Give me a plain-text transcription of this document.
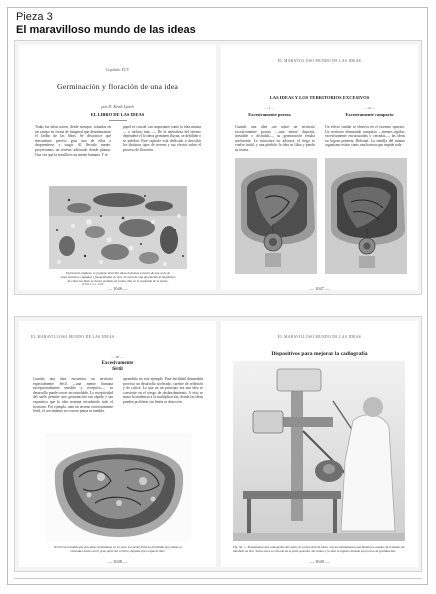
Pieza 3
El maravilloso mundo de las ideas
Capítulo XCV
Germinación y floración de una idea
por D. Keith Lynch
EL LIBRO DE LAS IDEAS
Todas las ideas nacen, desde siempre, tomadas en un campo en forma de imaginal que denominamos el Jardín de las Ideas. Se desconoce qué mecanismo preciso guía una de ellas a desprenderse y surgir. Al llevarlo mente, proyectamos un terreno adecuado donde plantar. Una vez que la semilla es un mente humana. Y se
papel es crucial: tan importante como la idea misma — o incluso más —. De la naturaleza del terreno dependerá el lo ideas germinen fluyan, se debiliten o se pierdan. Este capítulo está dedicado a describir los distintos tipos de terreno y sus efectos sobre el proceso de floración.
El presente capítulo, se propone describir ideas humanas a través de una serie de observaciones, captadas y fotografiadas en vivo. Se trata de una aportación al lingüístico de cómo las ideas se hacen posibles de forma vital en el trasfondo de la mente.
SEMILLA A. 1968
— 1046 —
EL MARAVILLOSO MUNDO DE LAS IDEAS
LAS IDEAS Y LOS TERRITORIOS EXCESIVOS
— I —
Excesivamente poroso
— II —
Excesivamente compacto
Cuando una idea cae sobre un territorio excesivamente poroso —una mente dispersa, inestable o distraída—, su germinación resulta ineficiente. La estructura no aflorará, el riego se vuelve inútil, y una pérdida: la idea se filtra y pierde su forma.
Un efecto similar se observa en el extremo opuesto. Un territorio demasiado compacto —mentes rígidas, excesivamente estructuradas o cerradas—, las ideas no logran penetrar. Rebotan. La semilla del mismo organismo existe como una barrera que impide toda
— 1047 —
EL MARAVILLOSO MUNDO DE LAS IDEAS
— III —
Excesivamente fértil
Cuando una idea encuentra un territorio especialmente fértil —una mente humana excepcionalmente sensible y receptiva—, su desarrollo puede crecer incontrolable. La receptividad del suelo permite una germinación tan rápida y tan expansiva que la idea termina invadiendo todo el territorio. Por ejemplo, ante un terreno excesivamente fértil, el crecimiento no conoce pausa ni medida.
aprendido en este ejemplo. Esta fertilidad desmedida provoca un desarrollo acelerado, carente de reflexión y de crítica. Lo que en un principio era una idea se convierte en el riesgo de desbordamiento. A esto se suma la tendencia a la multiplicación, donde las ideas pueden proliferar sin límite ni dirección.
Territorio invadido por dos ideas simultáneas en su seno. La mente fértil ha permitido que ambas se extiendan hasta cubrir gran parte del cerebro, dejando poco espacio libre.
— 1048 —
EL MARAVILLOSO MUNDO DE LAS IDEAS
Dispositivos para mejorar la cadiografía
Fig. 56. — Presentamos una cadiografía del centro de proyección de ideas, con los instrumentos que miden los estados de la mente sin interferir en ella. Todos estos se colocan en la parte posterior del cráneo y la idea se registra durante su proceso de germinación.
— 1049 —
